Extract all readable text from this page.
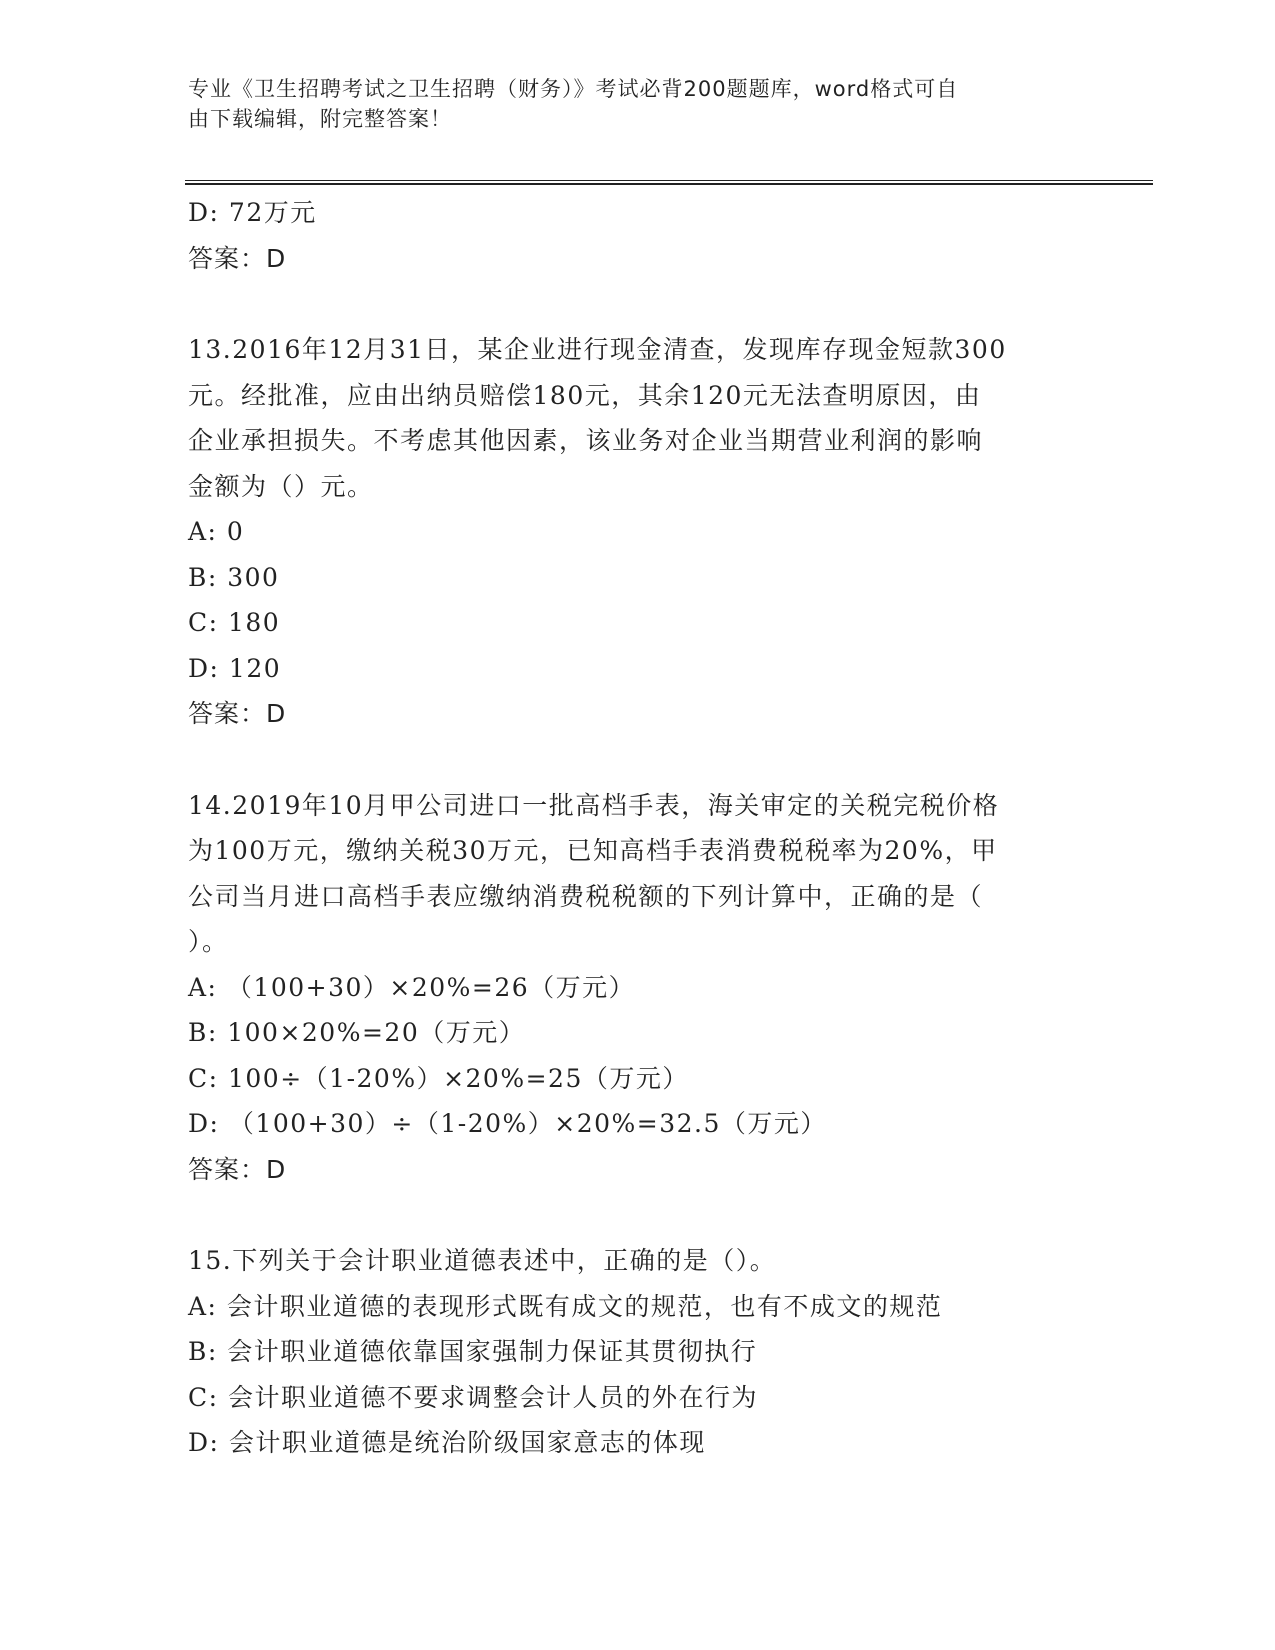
专业《卫生招聘考试之卫生招聘（财务）》考试必背200题题库，word格式可自
由下载编辑，附完整答案！
D: 72万元
答案：D
13.2016年12月31日，某企业进行现金清查，发现库存现金短款300
元。经批准，应由出纳员赔偿180元，其余120元无法查明原因，由
企业承担损失。不考虑其他因素，该业务对企业当期营业利润的影响
金额为（）元。
A: 0
B: 300
C: 180
D: 120
答案：D
14.2019年10月甲公司进口一批高档手表，海关审定的关税完税价格
为100万元，缴纳关税30万元，已知高档手表消费税税率为20%，甲
公司当月进口高档手表应缴纳消费税税额的下列计算中，正确的是（
）。
A: （100+30）×20%=26（万元）
B: 100×20%=20（万元）
C: 100÷（1-20%）×20%=25（万元）
D: （100+30）÷（1-20%）×20%=32.5（万元）
答案：D
15.下列关于会计职业道德表述中，正确的是（）。
A: 会计职业道德的表现形式既有成文的规范，也有不成文的规范
B: 会计职业道德依靠国家强制力保证其贯彻执行
C: 会计职业道德不要求调整会计人员的外在行为
D: 会计职业道德是统治阶级国家意志的体现
